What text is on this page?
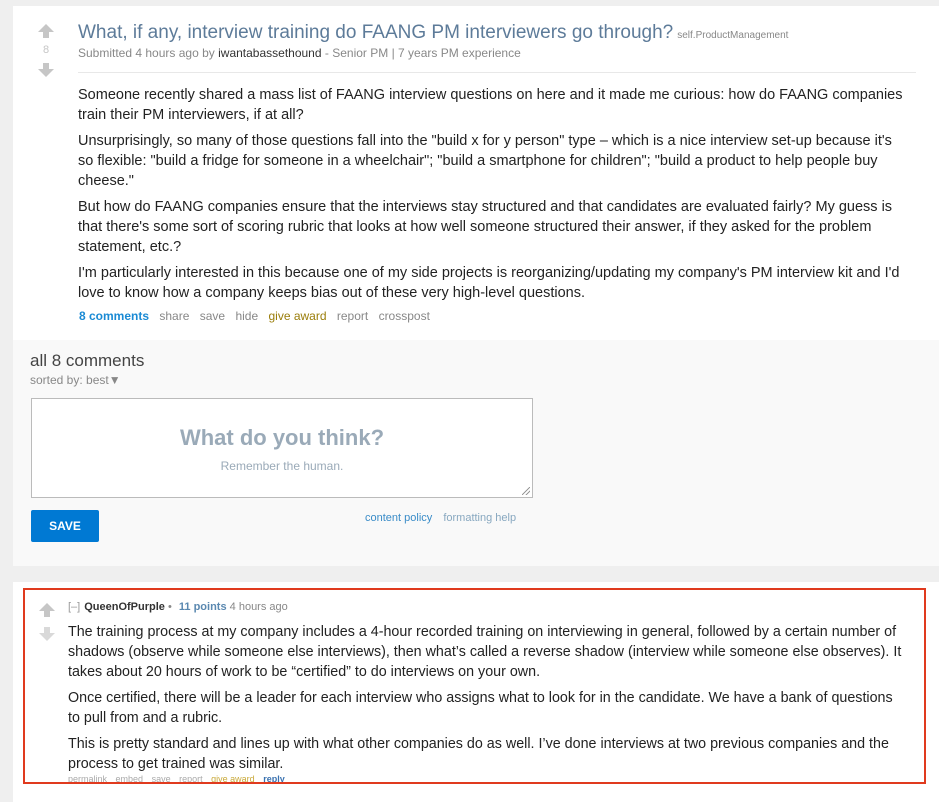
8
What, if any, interview training do FAANG PM interviewers go through? self.ProductManagement
Submitted 4 hours ago by iwantabassethound - Senior PM | 7 years PM experience

Someone recently shared a mass list of FAANG interview questions on here and it made me curious: how do FAANG companies train their PM interviewers, if at all?

Unsurprisingly, so many of those questions fall into the "build x for y person" type – which is a nice interview set-up because it's so flexible: "build a fridge for someone in a wheelchair"; "build a smartphone for children"; "build a product to help people buy cheese."

But how do FAANG companies ensure that the interviews stay structured and that candidates are evaluated fairly? My guess is that there's some sort of scoring rubric that looks at how well someone structured their answer, if they asked for the problem statement, etc.?

I'm particularly interested in this because one of my side projects is reorganizing/updating my company's PM interview kit and I'd love to know how a company keeps bias out of these very high-level questions.

8 comments share save hide give award report crosspost
all 8 comments
sorted by: best▼
What do you think?
Remember the human.
SAVE
content policy formatting help
[–] QueenOfPurple • 11 points 4 hours ago

The training process at my company includes a 4-hour recorded training on interviewing in general, followed by a certain number of shadows (observe while someone else interviews), then what’s called a reverse shadow (interview while someone else observes). It takes about 20 hours of work to be “certified” to do interviews on your own.

Once certified, there will be a leader for each interview who assigns what to look for in the candidate. We have a bank of questions to pull from and a rubric.

This is pretty standard and lines up with what other companies do as well. I’ve done interviews at two previous companies and the process to get trained was similar.

permalink embed save report give award reply
